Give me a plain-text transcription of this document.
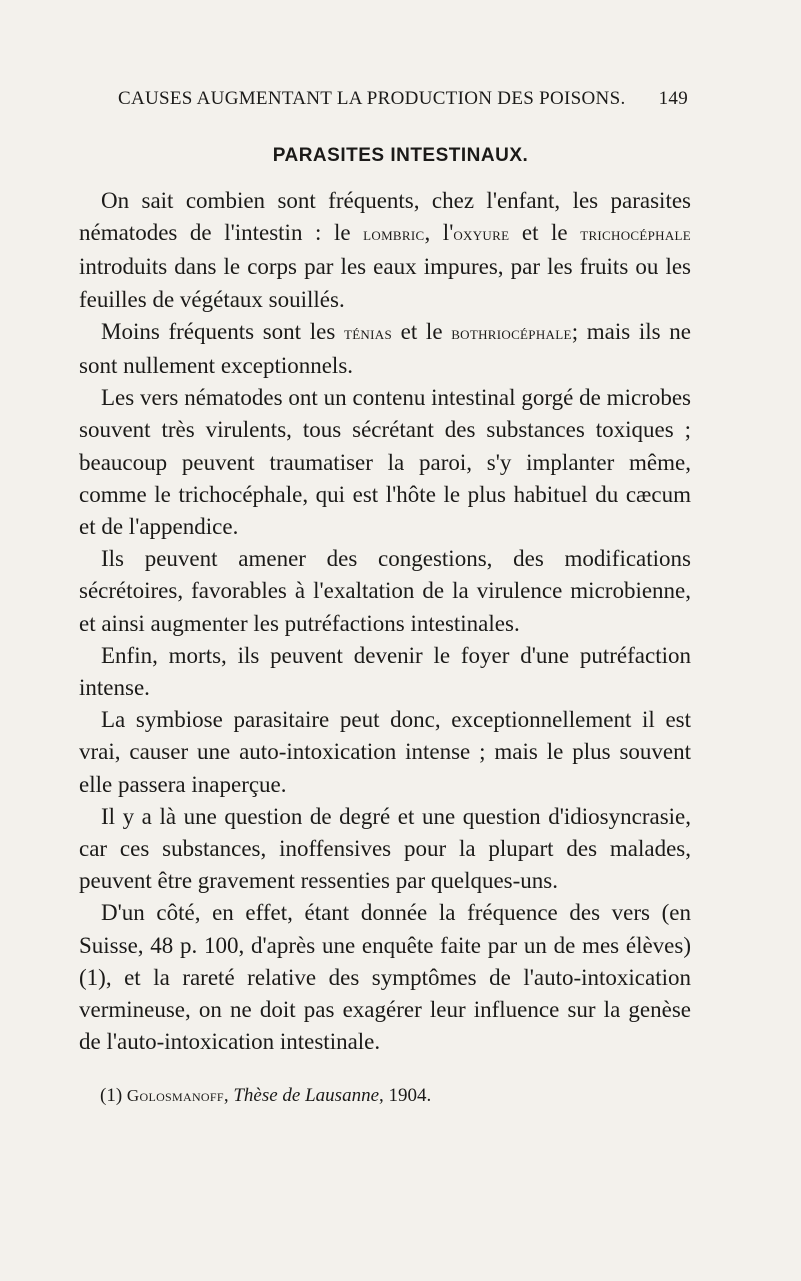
CAUSES AUGMENTANT LA PRODUCTION DES POISONS. 149
PARASITES INTESTINAUX.

On sait combien sont fréquents, chez l'enfant, les parasites nématodes de l'intestin : le lombric, l'oxyure et le trichocéphale introduits dans le corps par les eaux impures, par les fruits ou les feuilles de végétaux souillés.

Moins fréquents sont les ténias et le bothriocéphale; mais ils ne sont nullement exceptionnels.

Les vers nématodes ont un contenu intestinal gorgé de microbes souvent très virulents, tous sécrétant des substances toxiques ; beaucoup peuvent traumatiser la paroi, s'y implanter même, comme le trichocéphale, qui est l'hôte le plus habituel du cæcum et de l'appendice.

Ils peuvent amener des congestions, des modifications sécrétoires, favorables à l'exaltation de la virulence microbienne, et ainsi augmenter les putréfactions intestinales.

Enfin, morts, ils peuvent devenir le foyer d'une putréfaction intense.

La symbiose parasitaire peut donc, exceptionnellement il est vrai, causer une auto-intoxication intense ; mais le plus souvent elle passera inaperçue.

Il y a là une question de degré et une question d'idiosyncrasie, car ces substances, inoffensives pour la plupart des malades, peuvent être gravement ressenties par quelques-uns.

D'un côté, en effet, étant donnée la fréquence des vers (en Suisse, 48 p. 100, d'après une enquête faite par un de mes élèves) (1), et la rareté relative des symptômes de l'auto-intoxication vermineuse, on ne doit pas exagérer leur influence sur la genèse de l'auto-intoxication intestinale.

(1) Golosmanoff, Thèse de Lausanne, 1904.
